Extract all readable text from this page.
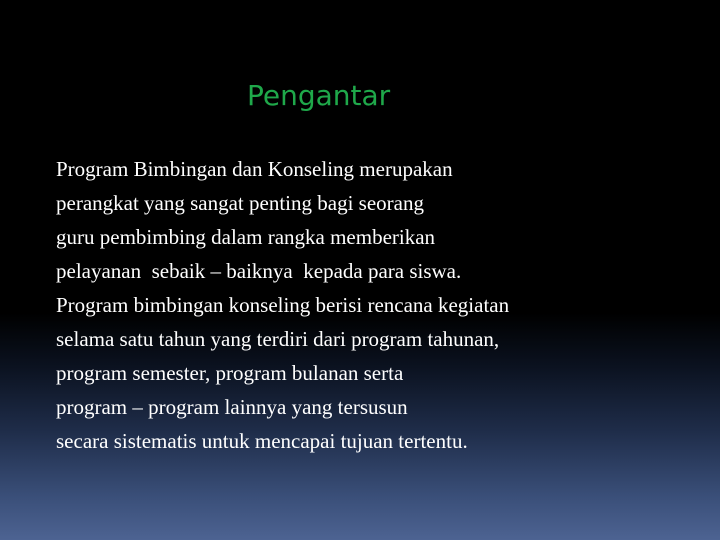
Pengantar
Program Bimbingan dan Konseling merupakan
perangkat yang sangat penting bagi seorang
guru pembimbing dalam rangka memberikan
pelayanan  sebaik – baiknya  kepada para siswa.
Program bimbingan konseling berisi rencana kegiatan
selama satu tahun yang terdiri dari program tahunan,
program semester, program bulanan serta
program – program lainnya yang tersusun
secara sistematis untuk mencapai tujuan tertentu.
